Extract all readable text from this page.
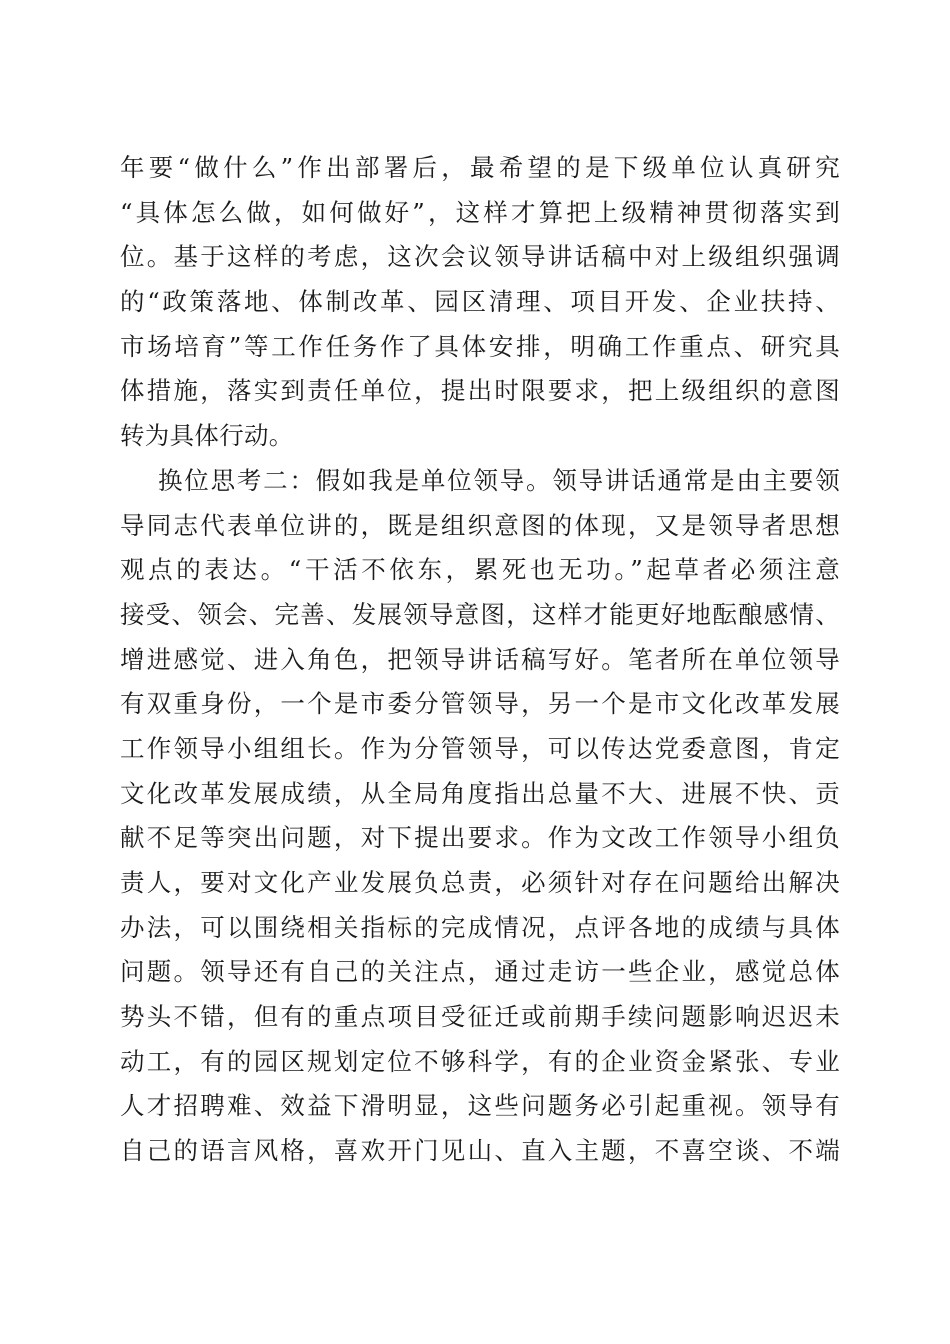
年要“做什么”作出部署后，最希望的是下级单位认真研究
“具体怎么做，如何做好”，这样才算把上级精神贯彻落实到
位。基于这样的考虑，这次会议领导讲话稿中对上级组织强调
的“政策落地、体制改革、园区清理、项目开发、企业扶持、
市场培育”等工作任务作了具体安排，明确工作重点、研究具
体措施，落实到责任单位，提出时限要求，把上级组织的意图
转为具体行动。
换位思考二：假如我是单位领导。领导讲话通常是由主要领
导同志代表单位讲的，既是组织意图的体现，又是领导者思想
观点的表达。“干活不依东，累死也无功。”起草者必须注意
接受、领会、完善、发展领导意图，这样才能更好地酝酿感情、
增进感觉、进入角色，把领导讲话稿写好。笔者所在单位领导
有双重身份，一个是市委分管领导，另一个是市文化改革发展
工作领导小组组长。作为分管领导，可以传达党委意图，肯定
文化改革发展成绩，从全局角度指出总量不大、进展不快、贡
献不足等突出问题，对下提出要求。作为文改工作领导小组负
责人，要对文化产业发展负总责，必须针对存在问题给出解决
办法，可以围绕相关指标的完成情况，点评各地的成绩与具体
问题。领导还有自己的关注点，通过走访一些企业，感觉总体
势头不错，但有的重点项目受征迁或前期手续问题影响迟迟未
动工，有的园区规划定位不够科学，有的企业资金紧张、专业
人才招聘难、效益下滑明显，这些问题务必引起重视。领导有
自己的语言风格，喜欢开门见山、直入主题，不喜空谈、不端
